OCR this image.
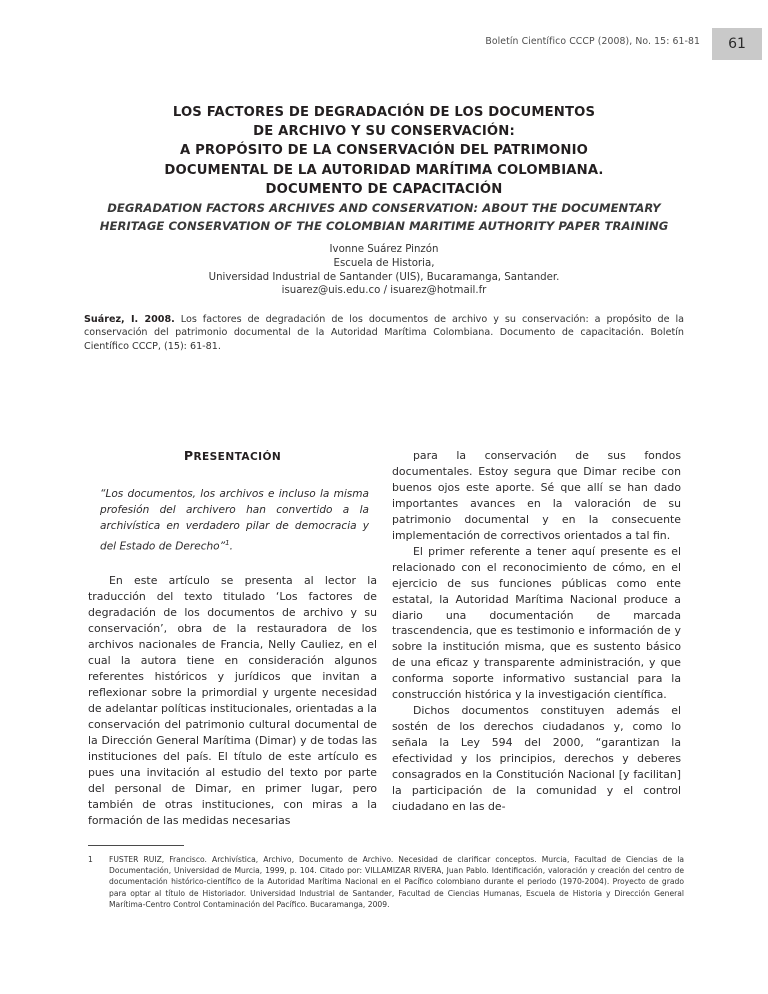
Boletín Científico CCCP (2008), No. 15: 61-81 61
LOS FACTORES DE DEGRADACIÓN DE LOS DOCUMENTOS
DE ARCHIVO Y SU CONSERVACIÓN:
A PROPÓSITO DE LA CONSERVACIÓN DEL PATRIMONIO
DOCUMENTAL DE LA AUTORIDAD MARÍTIMA COLOMBIANA.
DOCUMENTO DE CAPACITACIÓN
DEGRADATION FACTORS ARCHIVES AND CONSERVATION: ABOUT THE DOCUMENTARY
HERITAGE CONSERVATION OF THE COLOMBIAN MARITIME AUTHORITY PAPER TRAINING
Ivonne Suárez Pinzón
Escuela de Historia,
Universidad Industrial de Santander (UIS), Bucaramanga, Santander.
isuarez@uis.edu.co / isuarez@hotmail.fr
Suárez, I. 2008. Los factores de degradación de los documentos de archivo y su conservación: a propósito de la conservación del patrimonio documental de la Autoridad Marítima Colombiana. Documento de capacitación. Boletín Científico CCCP, (15): 61-81.
PRESENTACIÓN
“Los documentos, los archivos e incluso la misma profesión del archivero han convertido a la archivística en verdadero pilar de democracia y del Estado de Derecho”$^1$.

En este artículo se presenta al lector la traducción del texto titulado ‘Los factores de degradación de los documentos de archivo y su conservación’, obra de la restauradora de los archivos nacionales de Francia, Nelly Cauliez, en el cual la autora tiene en consideración algunos referentes históricos y jurídicos que invitan a reflexionar sobre la primordial y urgente necesidad de adelantar políticas institucionales, orientadas a la conservación del patrimonio cultural documental de la Dirección General Marítima (Dimar) y de todas las instituciones del país. El título de este artículo es pues una invitación al estudio del texto por parte del personal de Dimar, en primer lugar, pero también de otras instituciones, con miras a la formación de las medidas necesarias

para la conservación de sus fondos documentales. Estoy segura que Dimar recibe con buenos ojos este aporte. Sé que allí se han dado importantes avances en la valoración de su patrimonio documental y en la consecuente implementación de correctivos orientados a tal fin.

El primer referente a tener aquí presente es el relacionado con el reconocimiento de cómo, en el ejercicio de sus funciones públicas como ente estatal, la Autoridad Marítima Nacional produce a diario una documentación de marcada trascendencia, que es testimonio e información de y sobre la institución misma, que es sustento básico de una eficaz y transparente administración, y que conforma soporte informativo sustancial para la construcción histórica y la investigación científica.

Dichos documentos constituyen además el sostén de los derechos ciudadanos y, como lo señala la Ley 594 del 2000, “garantizan la efectividad y los principios, derechos y deberes consagrados en la Constitución Nacional [y facilitan] la participación de la comunidad y el control ciudadano en las de-

1 FUSTER RUIZ, Francisco. Archivística, Archivo, Documento de Archivo. Necesidad de clarificar conceptos. Murcia, Facultad de Ciencias de la Documentación, Universidad de Murcia, 1999, p. 104. Citado por: VILLAMIZAR RIVERA, Juan Pablo. Identificación, valoración y creación del centro de documentación histórico-científico de la Autoridad Marítima Nacional en el Pacífico colombiano durante el periodo (1970-2004). Proyecto de grado para optar al título de Historiador. Universidad Industrial de Santander, Facultad de Ciencias Humanas, Escuela de Historia y Dirección General Marítima-Centro Control Contaminación del Pacífico. Bucaramanga, 2009.
